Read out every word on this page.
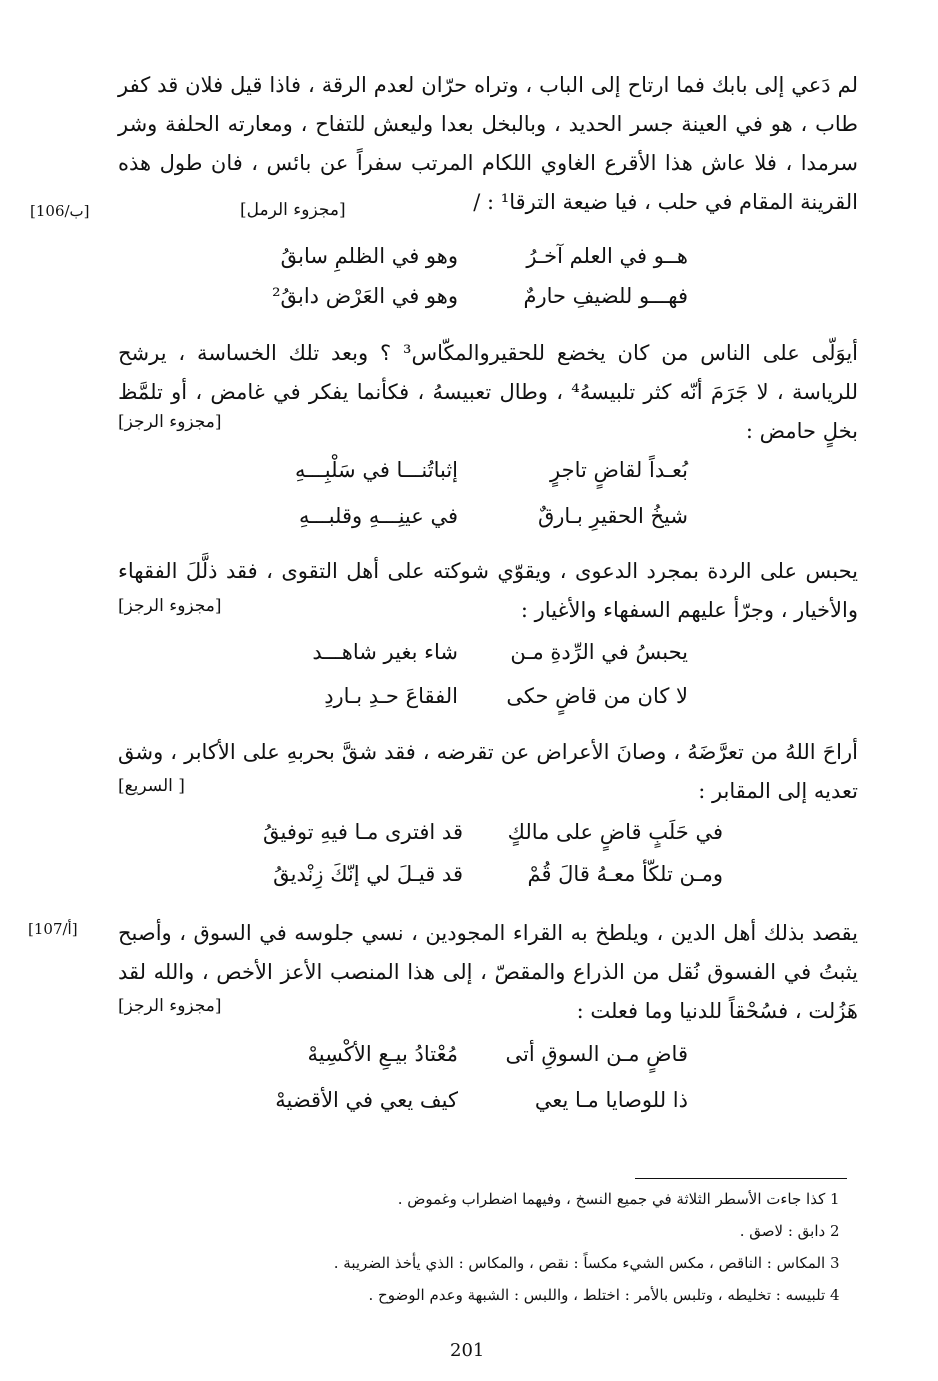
لم دَعي إلى بابك فما ارتاح إلى الباب ، وتراه حرّان لعدم الرقة ، فاذا قيل فلان قد كفر
طاب ، هو في العينة جسر الحديد ، وبالبخل بعدا وليعش للتفاح ، ومعارته الحلفة وشر
سرمدا ، فلا عاش هذا الأقرع الغاوي اللكام المرتب سفراً عن بائس ، فان طول هذه
القرينة المقام في حلب ، فيا ضيعة الترقا¹ : /
[مجزوء الرمل]
[106/ب]
هــو في العلم آخـرُ
وهو في الظلمِ سابقُ
فهـــو للضيفِ حارمٌ
وهو في العَرْض دابقُ²
أيوَلّى على الناس من كان يخضع للحقيروالمكّاس³ ؟ وبعد تلك الخساسة ، يرشح
للرياسة ، لا جَرَمَ أنّه كثر تلبيسهُ⁴ ، وطال تعبيسهُ ، فكأنما يفكر في غامض ، أو تلمَّظ
بخلٍ حامض :
[مجزوء الرجز]
بُعـداً لقاضٍ تاجرٍ
إثباتُنـــا في سَلْبِـــهِ
شيخُ الحقيرِ بـارقٌ
في عينِـــهِ وقلبـــهِ
يحبس على الردة بمجرد الدعوى ، ويقوّي شوكته على أهل التقوى ، فقد ذلَّلَ الفقهاء
والأخيار ، وجرّأ عليهم السفهاء والأغيار :
[مجزوء الرجز]
يحبسُ في الرِّدةِ مـن
شاء بغير شاهـــد
لا كان من قاضٍ حكى
الفقاعَ حـدِ بـاردِ
أراحَ اللهُ من تعرَّضَهُ ، وصانَ الأعراض عن تقرضه ، فقد شقَّ بحربهِ على الأكابر ، وشق
تعديه إلى المقابر :
[ السريع]
في حَلَبٍ قاضٍ على مالكٍ
قد افترى مـا فيهِ توفيقُ
ومـن تلكّأ معـهُ قالَ قُمْ
قد قيـلَ لي إنّكَ زِنْديقُ
يقصد بذلك أهل الدين ، ويلطخ به القراء المجودين ، نسي جلوسه في السوق ، وأصبح
يثبتُ في الفسوق نُقل من الذراع والمقصّ ، إلى هذا المنصب الأعز الأخص ، والله لقد
هَزُلت ، فسُحْقاً للدنيا وما فعلت :
[107/أ]
[مجزوء الرجز]
قاضٍ مـن السوقِ أتى
مُعْتادُ بيـعِ الأكْسِيهْ
ذا للوصايا مـا يعي
كيف يعي في الأقضيهْ
1 كذا جاءت الأسطر الثلاثة في جميع النسخ ، وفيهما اضطراب وغموض .
2 دابق : لاصق .
3 المكاس : الناقص ، مكس الشيء مكساً : نقص ، والمكاس : الذي يأخذ الضريبة .
4 تلبيسه : تخليطه ، وتلبس بالأمر : اختلط ، واللبس : الشبهة وعدم الوضوح .
201
